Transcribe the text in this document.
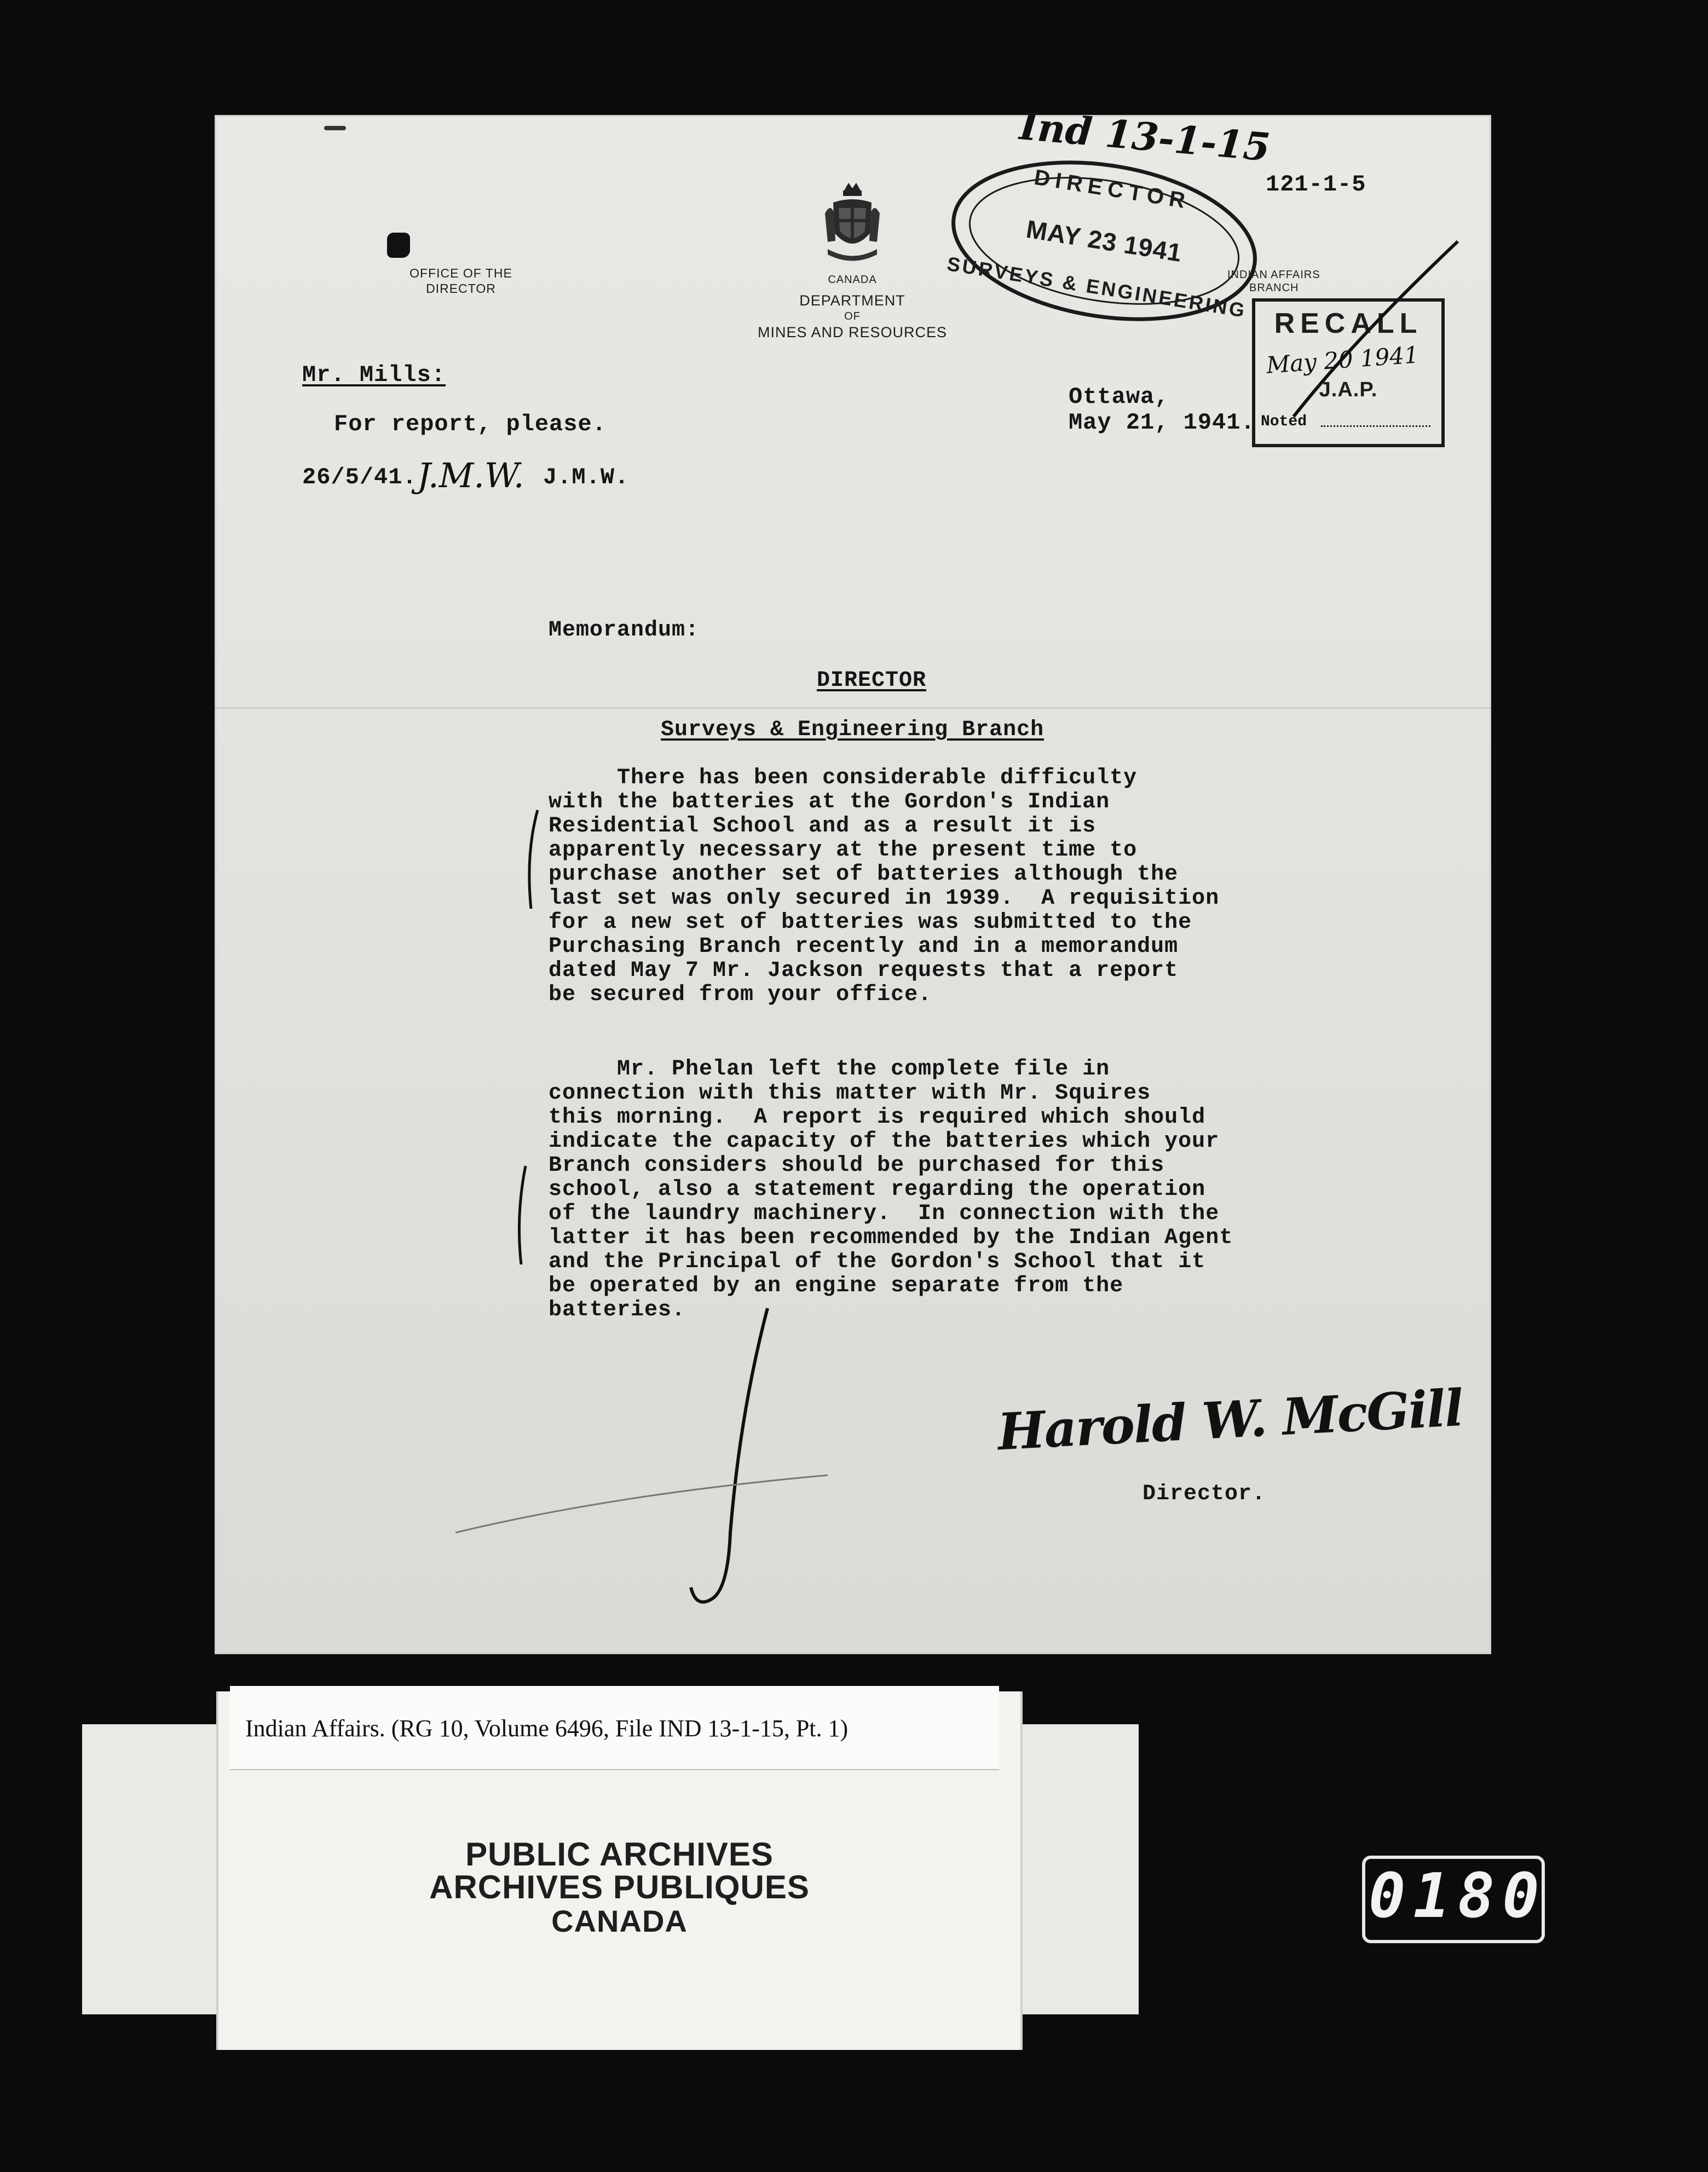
OFFICE OF THE
DIRECTOR
CANADA
DEPARTMENT
OF
MINES AND RESOURCES
Ind 13-1-15
121-1-5
DIRECTOR
MAY 23 1941
SURVEYS & ENGINEERING
INDIAN AFFAIRS
BRANCH
RECALL
May 20 1941
J.A.P.
Noted
Mr. Mills:
For report, please.
26/5/41. J.M.W. J.M.W.
Ottawa,
May 21, 1941.
Memorandum:
DIRECTOR
Surveys & Engineering Branch
There has been considerable difficulty
with the batteries at the Gordon's Indian
Residential School and as a result it is
apparently necessary at the present time to
purchase another set of batteries although the
last set was only secured in 1939.  A requisition
for a new set of batteries was submitted to the
Purchasing Branch recently and in a memorandum
dated May 7 Mr. Jackson requests that a report
be secured from your office.
Mr. Phelan left the complete file in
connection with this matter with Mr. Squires
this morning.  A report is required which should
indicate the capacity of the batteries which your
Branch considers should be purchased for this
school, also a statement regarding the operation
of the laundry machinery.  In connection with the
latter it has been recommended by the Indian Agent
and the Principal of the Gordon's School that it
be operated by an engine separate from the
batteries.
Harold W. McGill
Director.
PUBLIC ARCHIVES
ARCHIVES PUBLIQUES
CANADA
Indian Affairs. (RG 10, Volume 6496, File IND 13-1-15, Pt. 1)
0180
